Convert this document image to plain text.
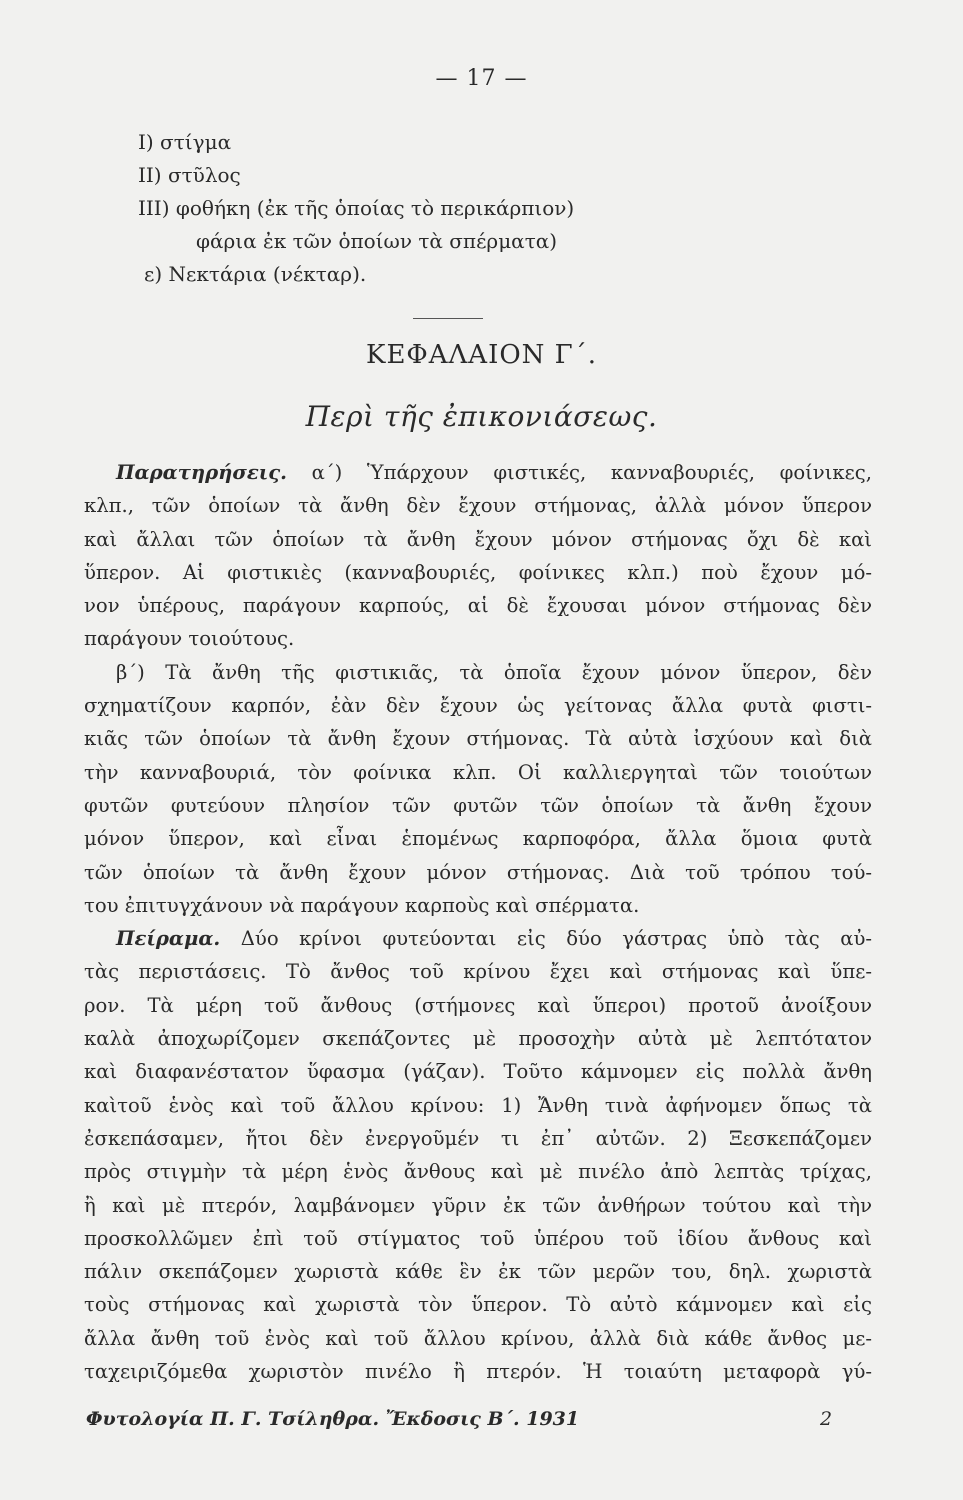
— 17 —
I) στίγμα
II) στῦλος
III) φοθήκη (ἐκ τῆς ὁποίας τὸ περικάρπιον)
φάρια ἐκ τῶν ὁποίων τὰ σπέρματα)
ε) Νεκτάρια (νέκταρ).
ΚΕΦΑΛΑΙΟΝ Γ΄.
Περὶ τῆς ἐπικονιάσεως.
Παρατηρήσεις. α΄) Ὑπάρχουν φιστικές, κανναβουριές, φοίνικες,
κλπ., τῶν ὁποίων τὰ ἄνθη δὲν ἔχουν στήμονας, ἀλλὰ μόνον ὕπερον
καὶ ἄλλαι τῶν ὁποίων τὰ ἄνθη ἔχουν μόνον στήμονας ὄχι δὲ καὶ
ὕπερον. Αἱ φιστικιὲς (κανναβουριές, φοίνικες κλπ.) ποὺ ἔχουν μό-
νον ὑπέρους, παράγουν καρπούς, αἱ δὲ ἔχουσαι μόνον στήμονας δὲν
παράγουν τοιούτους.
β΄) Τὰ ἄνθη τῆς φιστικιᾶς, τὰ ὁποῖα ἔχουν μόνον ὕπερον, δὲν
σχηματίζουν καρπόν, ἐὰν δὲν ἔχουν ὡς γείτονας ἄλλα φυτὰ φιστι-
κιᾶς τῶν ὁποίων τὰ ἄνθη ἔχουν στήμονας. Τὰ αὐτὰ ἰσχύουν καὶ διὰ
τὴν κανναβουριά, τὸν φοίνικα κλπ. Οἱ καλλιεργηταὶ τῶν τοιούτων
φυτῶν φυτεύουν πλησίον τῶν φυτῶν τῶν ὁποίων τὰ ἄνθη ἔχουν
μόνον ὕπερον, καὶ εἶναι ἑπομένως καρποφόρα, ἄλλα ὅμοια φυτὰ
τῶν ὁποίων τὰ ἄνθη ἔχουν μόνον στήμονας. Διὰ τοῦ τρόπου τού-
του ἐπιτυγχάνουν νὰ παράγουν καρποὺς καὶ σπέρματα.
Πείραμα. Δύο κρίνοι φυτεύονται εἰς δύο γάστρας ὑπὸ τὰς αὐ-
τὰς περιστάσεις. Τὸ ἄνθος τοῦ κρίνου ἔχει καὶ στήμονας καὶ ὕπε-
ρον. Τὰ μέρη τοῦ ἄνθους (στήμονες καὶ ὕπεροι) προτοῦ ἀνοίξουν
καλὰ ἀποχωρίζομεν σκεπάζοντες μὲ προσοχὴν αὐτὰ μὲ λεπτότατον
καὶ διαφανέστατον ὕφασμα (γάζαν). Τοῦτο κάμνομεν εἰς πολλὰ ἄνθη
καὶτοῦ ἑνὸς καὶ τοῦ ἄλλου κρίνου: 1) Ἄνθη τινὰ ἀφήνομεν ὅπως τὰ
ἐσκεπάσαμεν, ἤτοι δὲν ἐνεργοῦμέν τι ἐπ᾽ αὐτῶν. 2) Ξεσκεπάζομεν
πρὸς στιγμὴν τὰ μέρη ἑνὸς ἄνθους καὶ μὲ πινέλο ἀπὸ λεπτὰς τρίχας,
ἢ καὶ μὲ πτερόν, λαμβάνομεν γῦριν ἐκ τῶν ἀνθήρων τούτου καὶ τὴν
προσκολλῶμεν ἐπὶ τοῦ στίγματος τοῦ ὑπέρου τοῦ ἰδίου ἄνθους καὶ
πάλιν σκεπάζομεν χωριστὰ κάθε ἓν ἐκ τῶν μερῶν του, δηλ. χωριστὰ
τοὺς στήμονας καὶ χωριστὰ τὸν ὕπερον. Τὸ αὐτὸ κάμνομεν καὶ εἰς
ἄλλα ἄνθη τοῦ ἑνὸς καὶ τοῦ ἄλλου κρίνου, ἀλλὰ διὰ κάθε ἄνθος με-
ταχειριζόμεθα χωριστὸν πινέλο ἢ πτερόν. Ἡ τοιαύτη μεταφορὰ γύ-
Φυτολογία Π. Γ. Τσίληθρα. Ἔκδοσις Β΄. 1931	2
